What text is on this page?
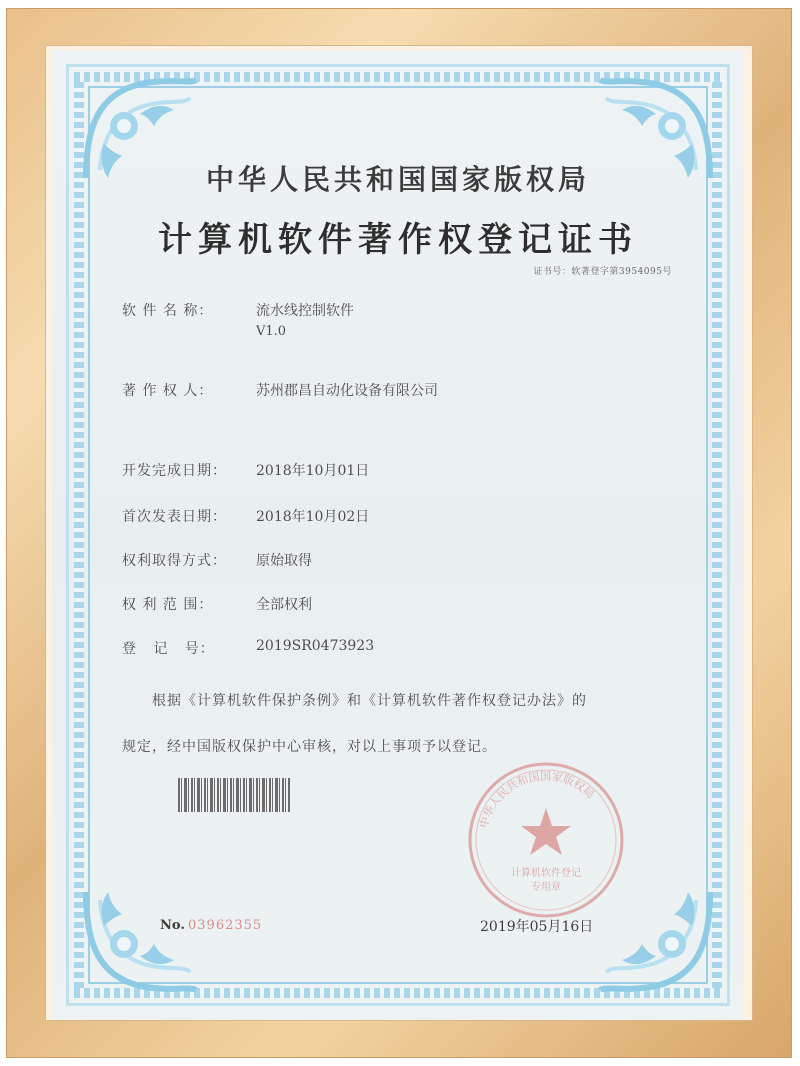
中华人民共和国国家版权局
计算机软件著作权登记证书
证书号：软著登字第3954095号
软 件 名 称：	流水线控制软件
V1.0
著 作 权 人：	苏州郡昌自动化设备有限公司
开发完成日期：	2018年10月01日
首次发表日期：	2018年10月02日
权利取得方式：	原始取得
权 利 范 围：	全部权利
登   记   号：	2019SR0473923
根据《计算机软件保护条例》和《计算机软件著作权登记办法》的
规定，经中国版权保护中心审核，对以上事项予以登记。
计算机软件登记
专用章
中华人民共和国国家版权局
No. 03962355	2019年05月16日
